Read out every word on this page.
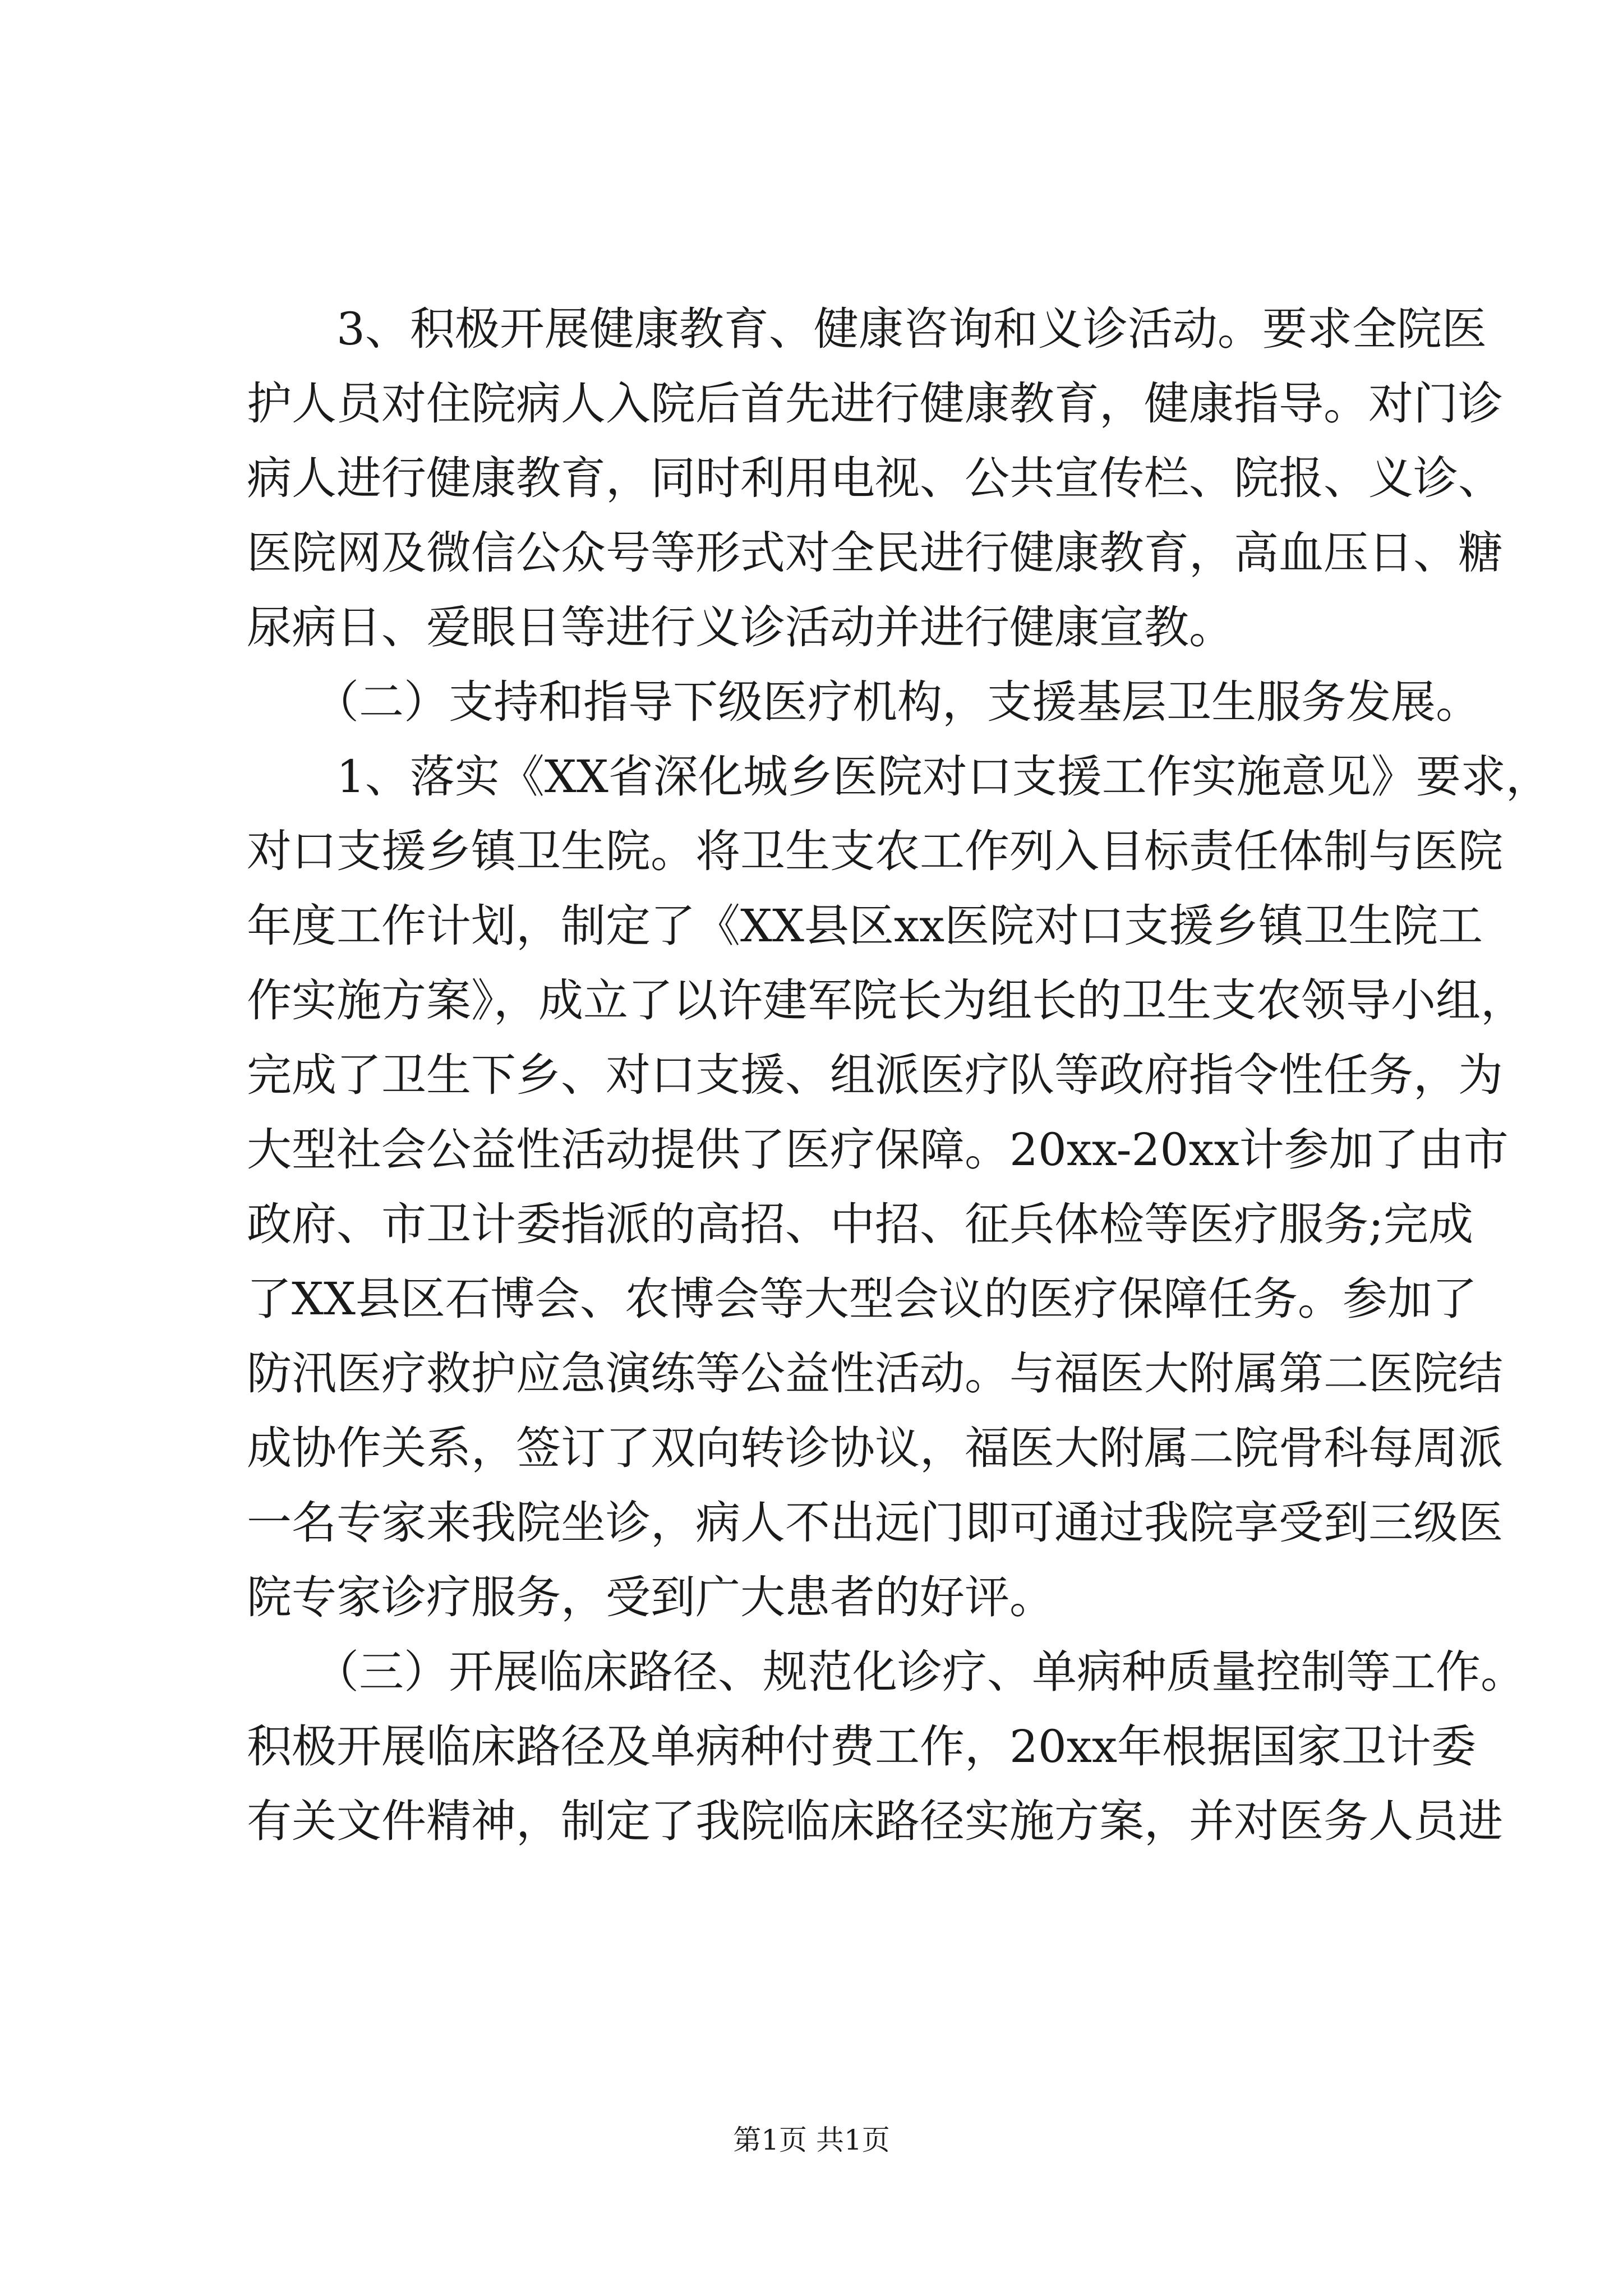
　　3、积极开展健康教育、健康咨询和义诊活动。要求全院医
护人员对住院病人入院后首先进行健康教育，健康指导。对门诊
病人进行健康教育，同时利用电视、公共宣传栏、院报、义诊、
医院网及微信公众号等形式对全民进行健康教育，高血压日、糖
尿病日、爱眼日等进行义诊活动并进行健康宣教。
　　（二）支持和指导下级医疗机构，支援基层卫生服务发展。
　　1、落实《XX省深化城乡医院对口支援工作实施意见》要求，
对口支援乡镇卫生院。将卫生支农工作列入目标责任体制与医院
年度工作计划，制定了《XX县区xx医院对口支援乡镇卫生院工
作实施方案》，成立了以许建军院长为组长的卫生支农领导小组，
完成了卫生下乡、对口支援、组派医疗队等政府指令性任务，为
大型社会公益性活动提供了医疗保障。20xx-20xx计参加了由市
政府、市卫计委指派的高招、中招、征兵体检等医疗服务;完成
了XX县区石博会、农博会等大型会议的医疗保障任务。参加了
防汛医疗救护应急演练等公益性活动。与福医大附属第二医院结
成协作关系，签订了双向转诊协议，福医大附属二院骨科每周派
一名专家来我院坐诊，病人不出远门即可通过我院享受到三级医
院专家诊疗服务，受到广大患者的好评。
　　（三）开展临床路径、规范化诊疗、单病种质量控制等工作。
积极开展临床路径及单病种付费工作，20xx年根据国家卫计委
有关文件精神，制定了我院临床路径实施方案，并对医务人员进
第1页 共1页
